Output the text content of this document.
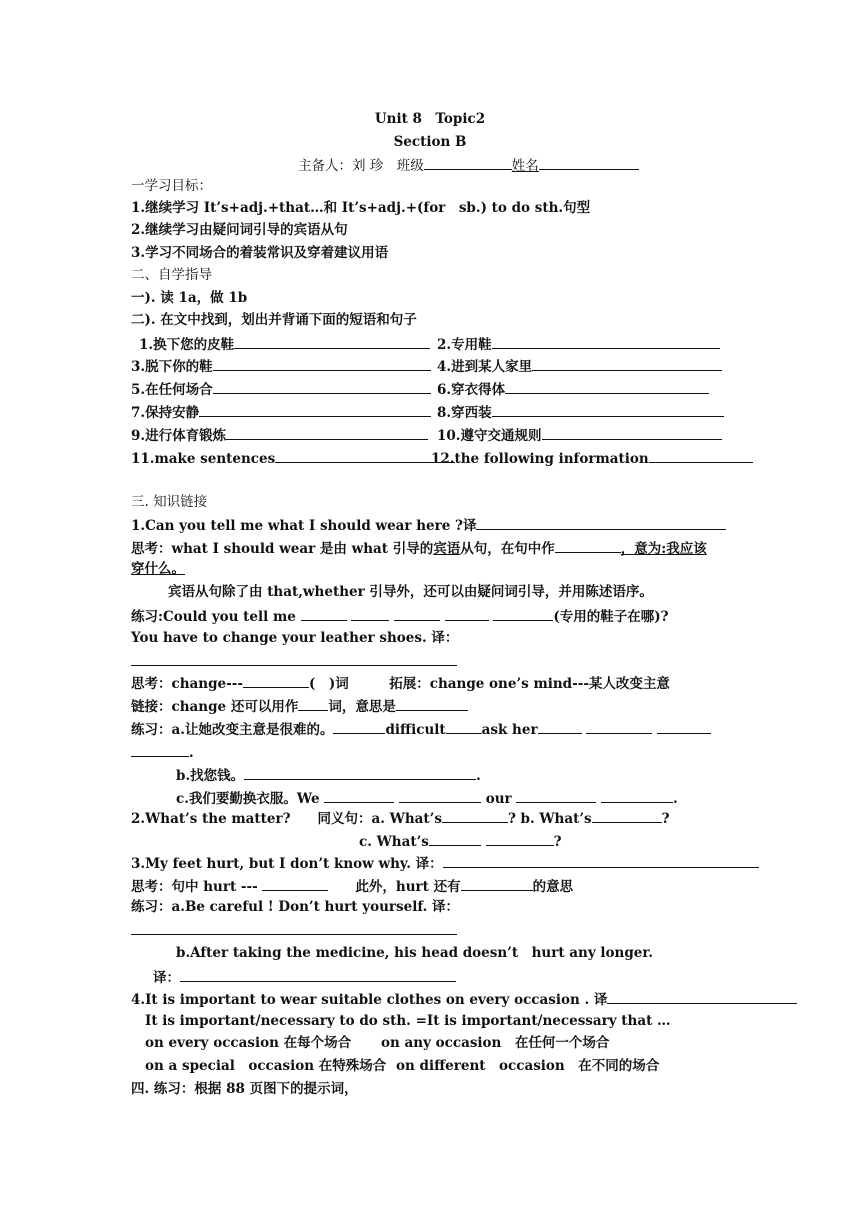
Unit 8　Topic2
Section B
主备人：刘 珍　班级	姓名
一学习目标：
1.继续学习 It’s+adj.+that…和 It’s+adj.+(for　sb.) to do sth.句型
2.继续学习由疑问词引导的宾语从句
3.学习不同场合的着装常识及穿着建议用语
二、自学指导
一). 读 1a，做 1b
二). 在文中找到，划出并背诵下面的短语和句子
1.换下您的皮鞋	2.专用鞋
3.脱下你的鞋	4.进到某人家里
5.在任何场合	6.穿衣得体
7.保持安静	8.穿西装
9.进行体育锻炼	10.遵守交通规则
11.make sentences	12.the following information
三. 知识链接
1.Can you tell me what I should wear here ?译
思考：what I should wear 是由 what 引导的宾语从句，在句中作	，意为:我应该
穿什么。
宾语从句除了由 that,whether 引导外，还可以由疑问词引导，并用陈述语序。
练习:Could you tell me	(专用的鞋子在哪)?
You have to change your leather shoes. 译：
思考：change---	(　)词　　　	拓展：change one’s mind---某人改变主意
链接：change 还可以用作 词，意思是
练习：a.让她改变主意是很难的。	difficult	ask her
.
b.找您钱。	.
c.我们要勤换衣服。We	our	.
2.What’s the matter?　　 同义句：a. What’s	? b. What’s	?
c. What’s	?
3.My feet hurt, but I don’t know why. 译：
思考：句中 hurt --- 　　	此外，hurt 还有	的意思
练习：a.Be careful ! Don’t hurt yourself. 译：
b.After taking the medicine, his head doesn’t　hurt any longer.
译：
4.It is important to wear suitable clothes on every occasion . 译
It is important/necessary to do sth. =It is important/necessary that …
on every occasion 在每个场合 on any occasion　在任何一个场合
on a special　occasion 在特殊场合 on different　occasion　在不同的场合
四. 练习：根据 88 页图下的提示词，
